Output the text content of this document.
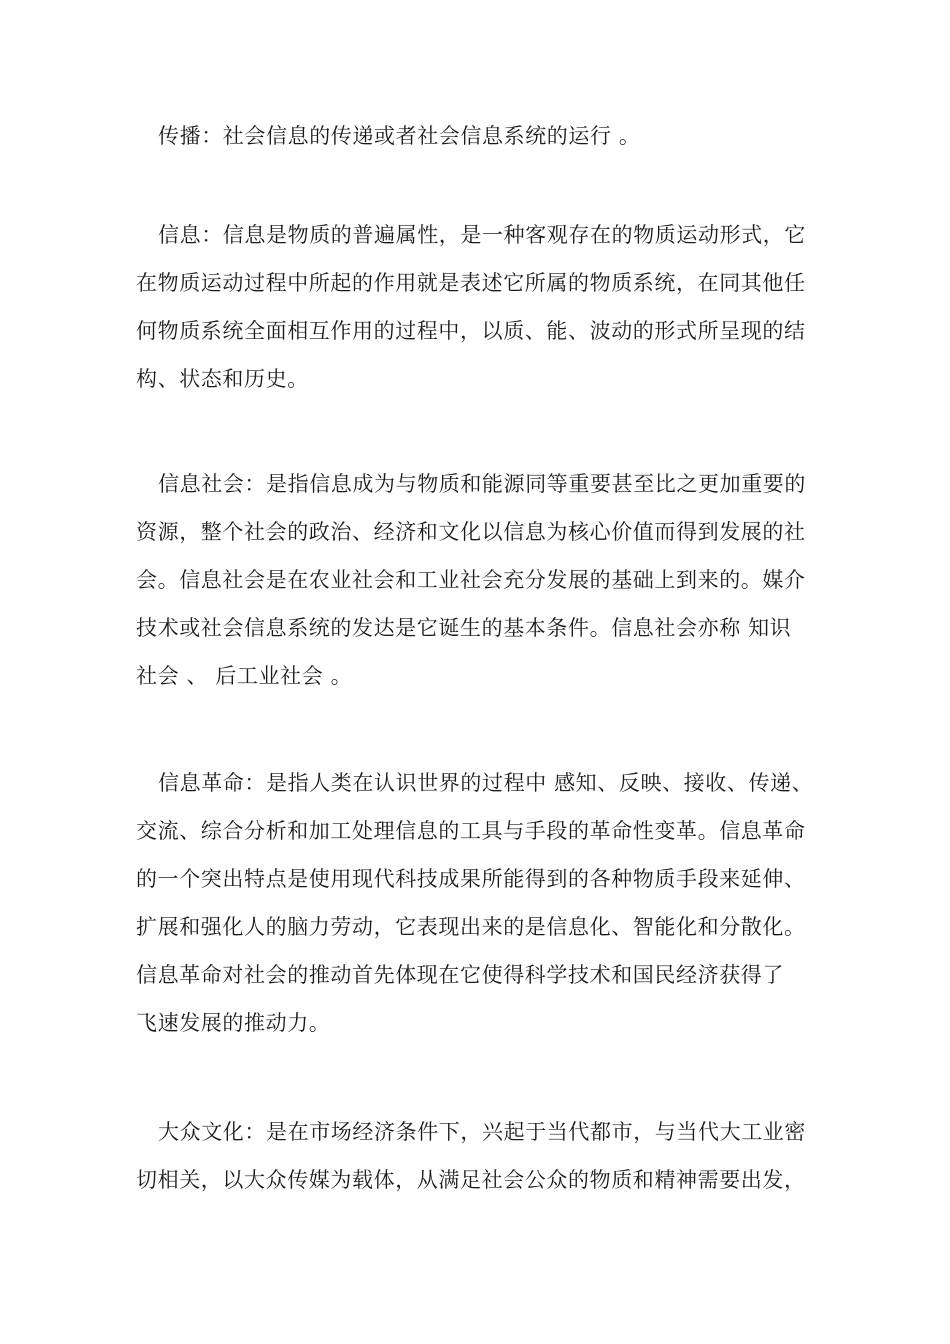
传播：社会信息的传递或者社会信息系统的运行 。
信息：信息是物质的普遍属性，是一种客观存在的物质运动形式，它
在物质运动过程中所起的作用就是表述它所属的物质系统，在同其他任
何物质系统全面相互作用的过程中，以质、能、波动的形式所呈现的结
构、状态和历史。
信息社会：是指信息成为与物质和能源同等重要甚至比之更加重要的
资源，整个社会的政治、经济和文化以信息为核心价值而得到发展的社
会。信息社会是在农业社会和工业社会充分发展的基础上到来的。媒介
技术或社会信息系统的发达是它诞生的基本条件。信息社会亦称 知识
社会 、 后工业社会 。
信息革命：是指人类在认识世界的过程中 感知、反映、接收、传递、
交流、综合分析和加工处理信息的工具与手段的革命性变革。信息革命
的一个突出特点是使用现代科技成果所能得到的各种物质手段来延伸、
扩展和强化人的脑力劳动，它表现出来的是信息化、智能化和分散化。
信息革命对社会的推动首先体现在它使得科学技术和国民经济获得了
飞速发展的推动力。
大众文化：是在市场经济条件下，兴起于当代都市，与当代大工业密
切相关，以大众传媒为载体，从满足社会公众的物质和精神需要出发，
